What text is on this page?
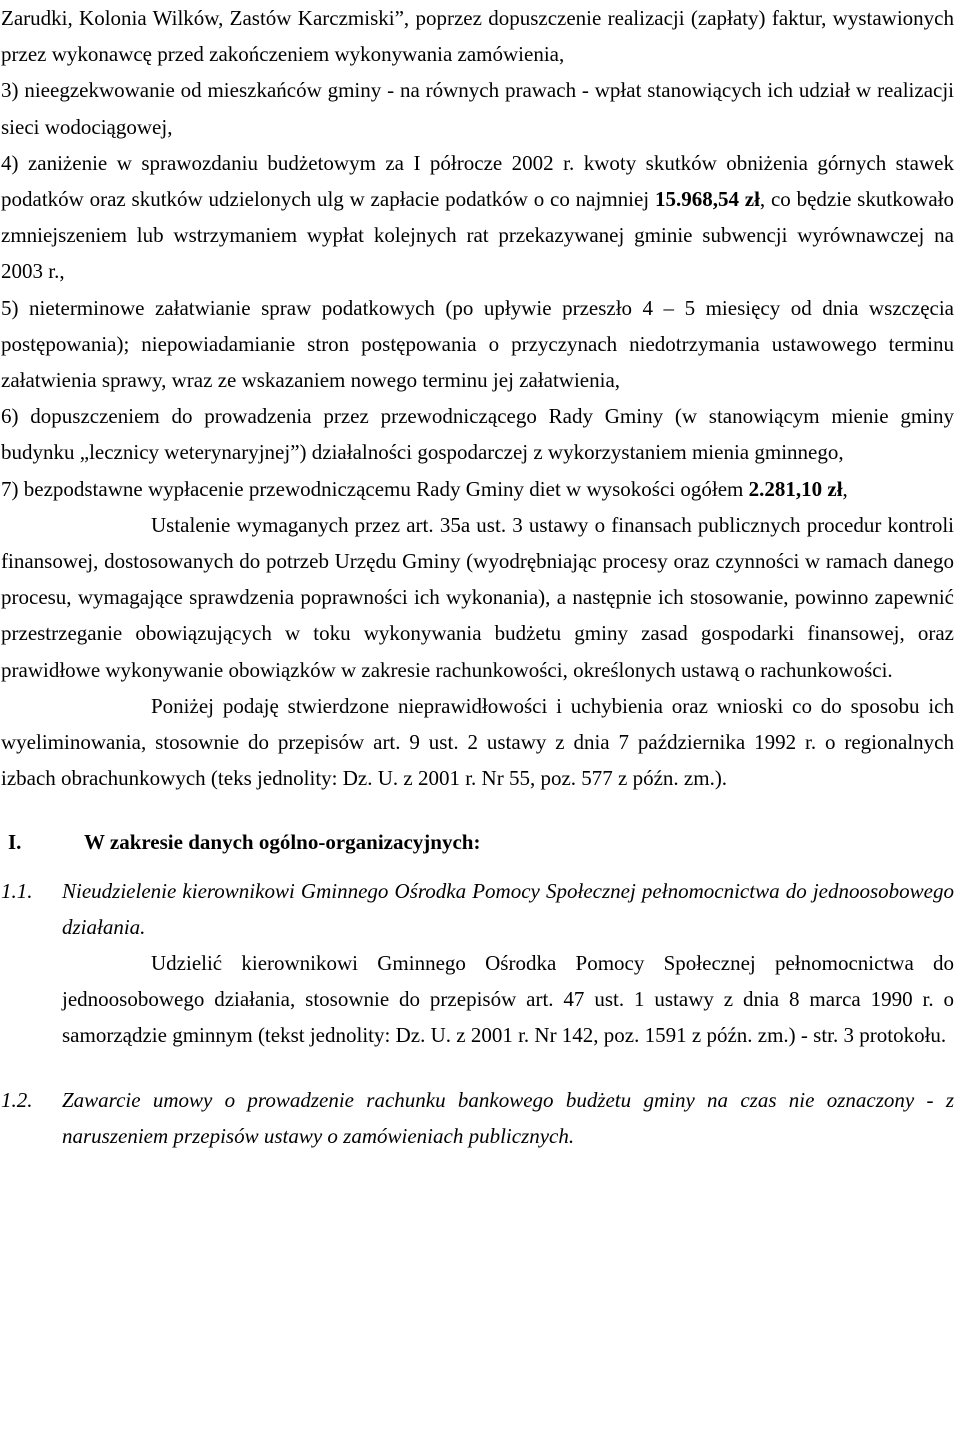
Zarudki, Kolonia Wilków, Zastów Karczmiski”, poprzez dopuszczenie realizacji (zapłaty) faktur, wystawionych przez wykonawcę przed zakończeniem wykonywania zamówienia,

3) nieegzekwowanie od mieszkańców gminy - na równych prawach - wpłat stanowiących ich udział w realizacji sieci wodociągowej,

4) zaniżenie w sprawozdaniu budżetowym za I półrocze 2002 r. kwoty skutków obniżenia górnych stawek podatków oraz skutków udzielonych ulg w zapłacie podatków o co najmniej 15.968,54 zł, co będzie skutkowało zmniejszeniem lub wstrzymaniem wypłat kolejnych rat przekazywanej gminie subwencji wyrównawczej na 2003 r.,

5) nieterminowe załatwianie spraw podatkowych (po upływie przeszło 4 – 5 miesięcy od dnia wszczęcia postępowania); niepowiadamianie stron postępowania o przyczynach niedotrzymania ustawowego terminu załatwienia sprawy, wraz ze wskazaniem nowego terminu jej załatwienia,

6) dopuszczeniem do prowadzenia przez przewodniczącego Rady Gminy (w stanowiącym mienie gminy budynku „lecznicy weterynaryjnej”) działalności gospodarczej z wykorzystaniem mienia gminnego,

7) bezpodstawne wypłacenie przewodniczącemu Rady Gminy diet w wysokości ogółem 2.281,10 zł,

Ustalenie wymaganych przez art. 35a ust. 3 ustawy o finansach publicznych procedur kontroli finansowej, dostosowanych do potrzeb Urzędu Gminy (wyodrębniając procesy oraz czynności w ramach danego procesu, wymagające sprawdzenia poprawności ich wykonania), a następnie ich stosowanie, powinno zapewnić przestrzeganie obowiązujących w toku wykonywania budżetu gminy zasad gospodarki finansowej, oraz prawidłowe wykonywanie obowiązków w zakresie rachunkowości, określonych ustawą o rachunkowości.

Poniżej podaję stwierdzone nieprawidłowości i uchybienia oraz wnioski co do sposobu ich wyeliminowania, stosownie do przepisów art. 9 ust. 2 ustawy z dnia 7 października 1992 r. o regionalnych izbach obrachunkowych (teks jednolity: Dz. U. z 2001 r. Nr 55, poz. 577 z późn. zm.).

I.	W zakresie danych ogólno-organizacyjnych:

1.1.	Nieudzielenie kierownikowi Gminnego Ośrodka Pomocy Społecznej pełnomocnictwa do jednoosobowego działania.

Udzielić kierownikowi Gminnego Ośrodka Pomocy Społecznej pełnomocnictwa do jednoosobowego działania, stosownie do przepisów art. 47 ust. 1 ustawy z dnia 8 marca 1990 r. o samorządzie gminnym (tekst jednolity: Dz. U. z 2001 r. Nr 142, poz. 1591 z późn. zm.) - str. 3 protokołu.

1.2.	Zawarcie umowy o prowadzenie rachunku bankowego budżetu gminy na czas nie oznaczony - z naruszeniem przepisów ustawy o zamówieniach publicznych.
